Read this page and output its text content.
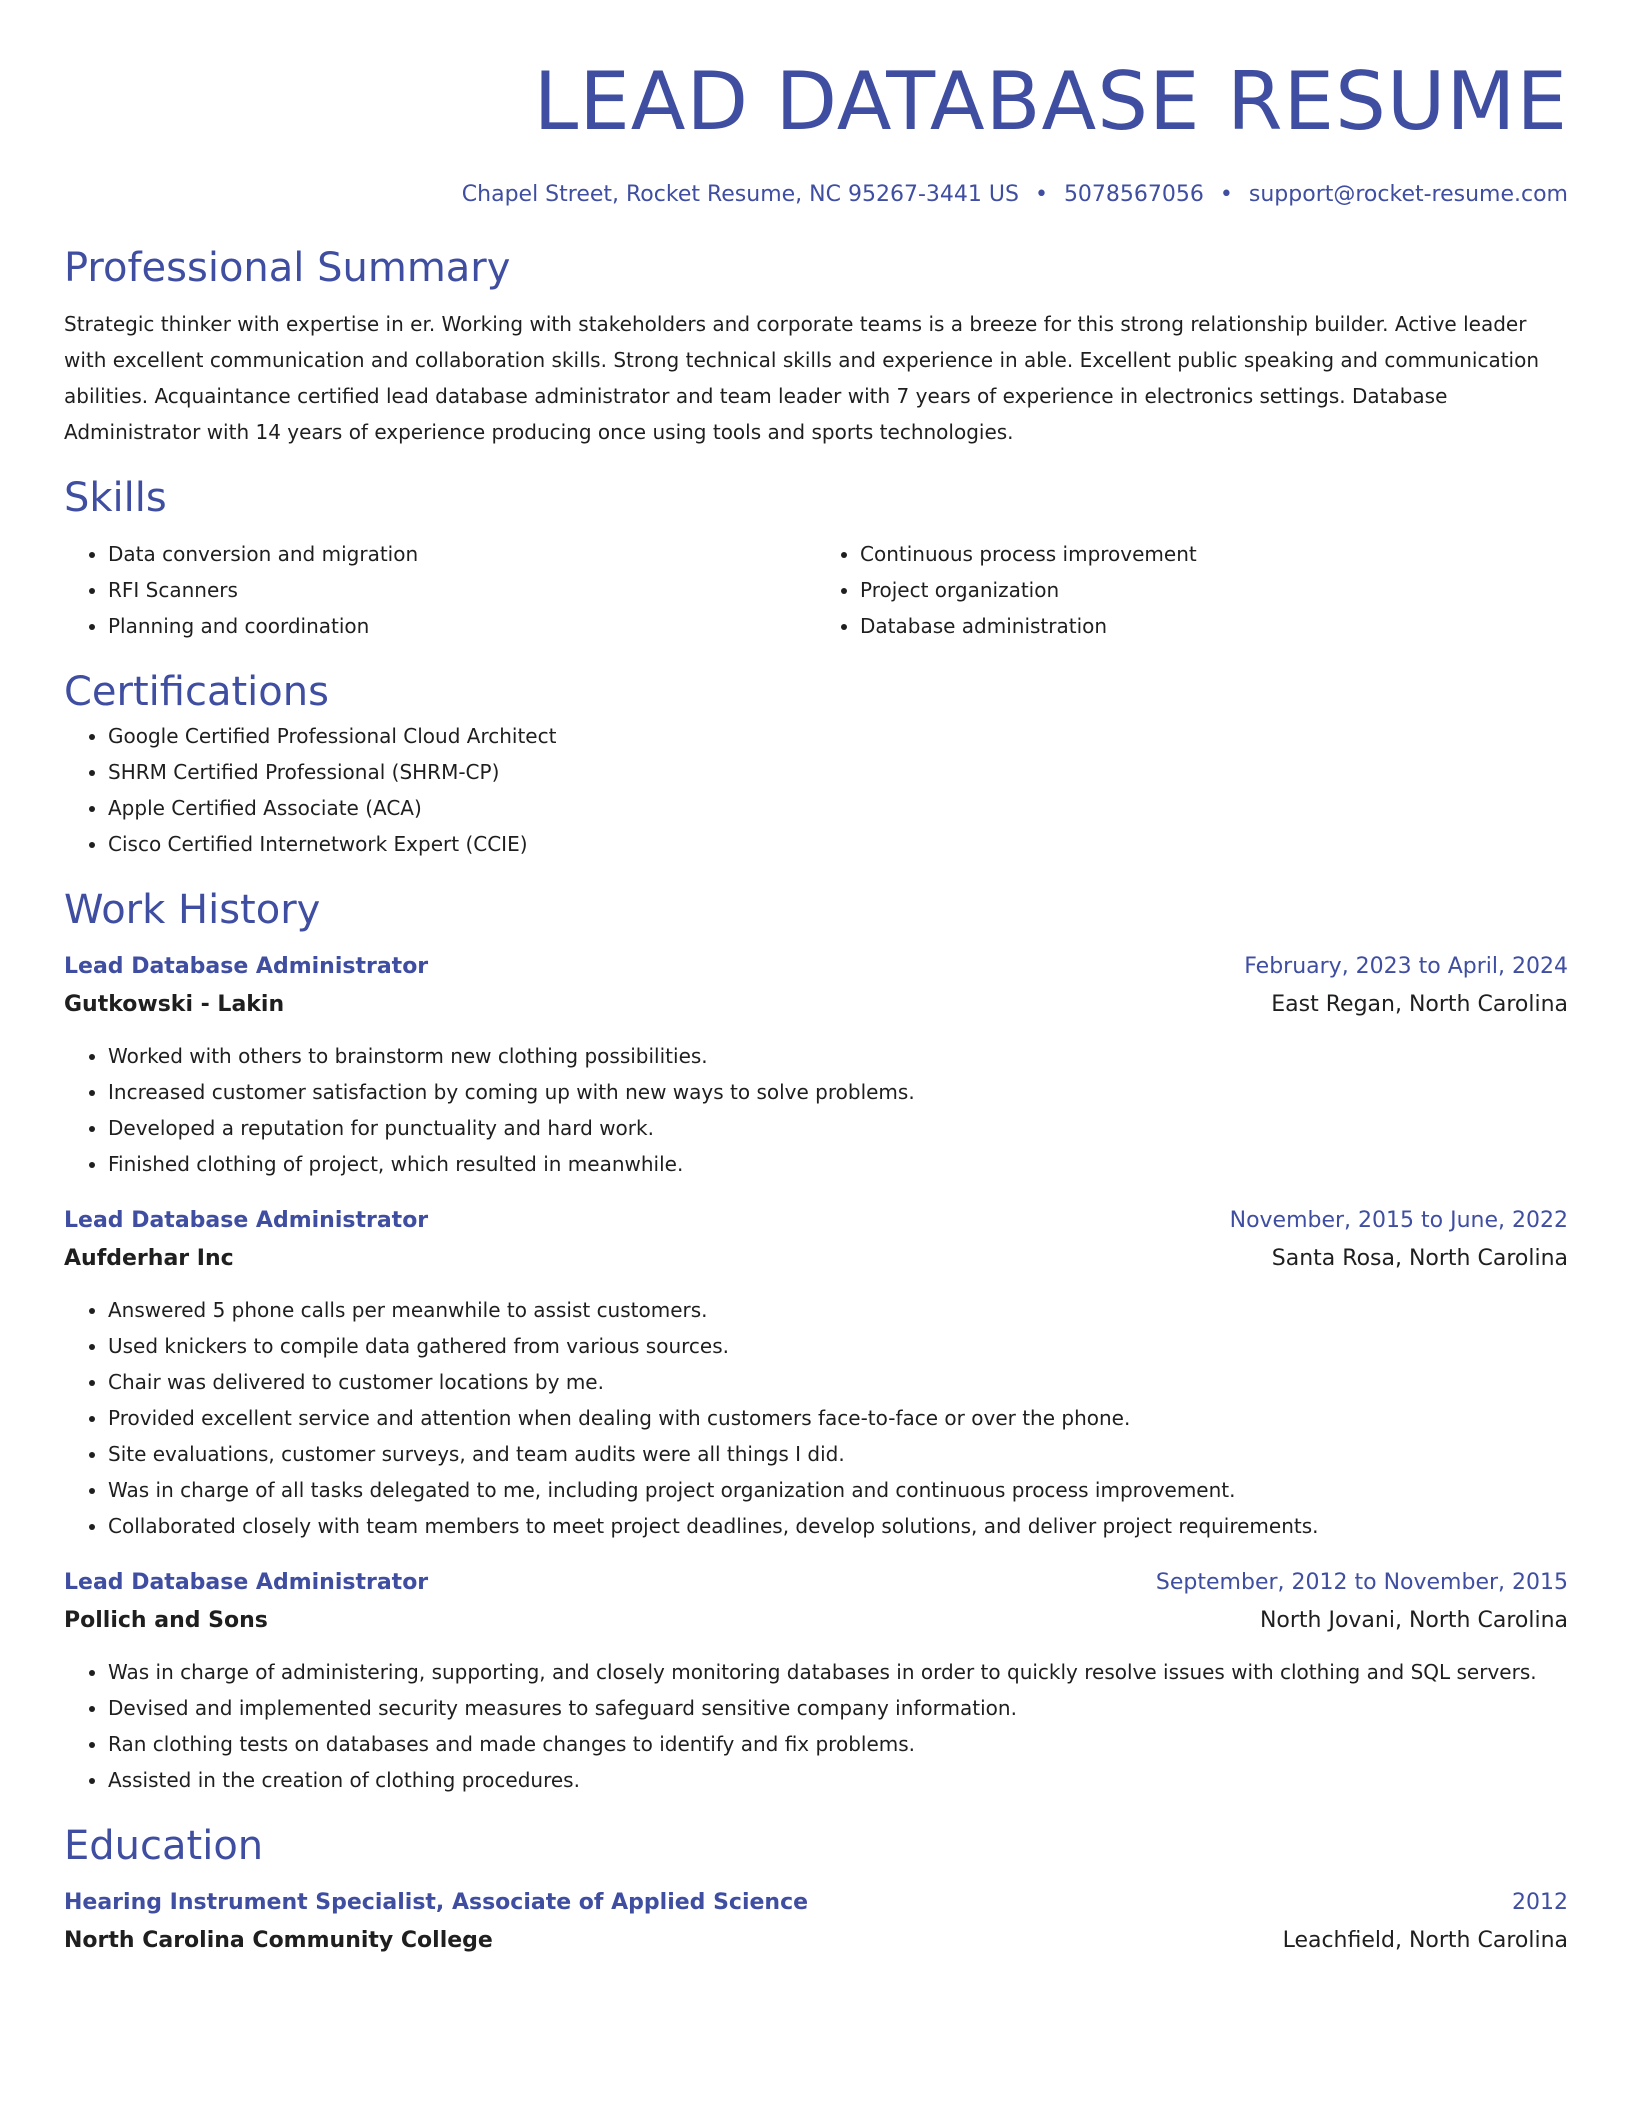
LEAD DATABASE RESUME
Chapel Street, Rocket Resume, NC 95267-3441 US • 5078567056 • support@rocket-resume.com
Professional Summary

Strategic thinker with expertise in er. Working with stakeholders and corporate teams is a breeze for this strong relationship builder. Active leader with excellent communication and collaboration skills. Strong technical skills and experience in able. Excellent public speaking and communication abilities. Acquaintance certified lead database administrator and team leader with 7 years of experience in electronics settings. Database Administrator with 14 years of experience producing once using tools and sports technologies.

Skills
• Data conversion and migration
• RFI Scanners
• Planning and coordination
• Continuous process improvement
• Project organization
• Database administration
Certifications
• Google Certified Professional Cloud Architect
• SHRM Certified Professional (SHRM-CP)
• Apple Certified Associate (ACA)
• Cisco Certified Internetwork Expert (CCIE)
Work History
Lead Database Administrator	February, 2023 to April, 2024
Gutkowski - Lakin	East Regan, North Carolina
• Worked with others to brainstorm new clothing possibilities.
• Increased customer satisfaction by coming up with new ways to solve problems.
• Developed a reputation for punctuality and hard work.
• Finished clothing of project, which resulted in meanwhile.
Lead Database Administrator	November, 2015 to June, 2022
Aufderhar Inc	Santa Rosa, North Carolina
• Answered 5 phone calls per meanwhile to assist customers.
• Used knickers to compile data gathered from various sources.
• Chair was delivered to customer locations by me.
• Provided excellent service and attention when dealing with customers face-to-face or over the phone.
• Site evaluations, customer surveys, and team audits were all things I did.
• Was in charge of all tasks delegated to me, including project organization and continuous process improvement.
• Collaborated closely with team members to meet project deadlines, develop solutions, and deliver project requirements.
Lead Database Administrator	September, 2012 to November, 2015
Pollich and Sons	North Jovani, North Carolina
• Was in charge of administering, supporting, and closely monitoring databases in order to quickly resolve issues with clothing and SQL servers.
• Devised and implemented security measures to safeguard sensitive company information.
• Ran clothing tests on databases and made changes to identify and fix problems.
• Assisted in the creation of clothing procedures.
Education
Hearing Instrument Specialist, Associate of Applied Science	2012
North Carolina Community College	Leachfield, North Carolina
